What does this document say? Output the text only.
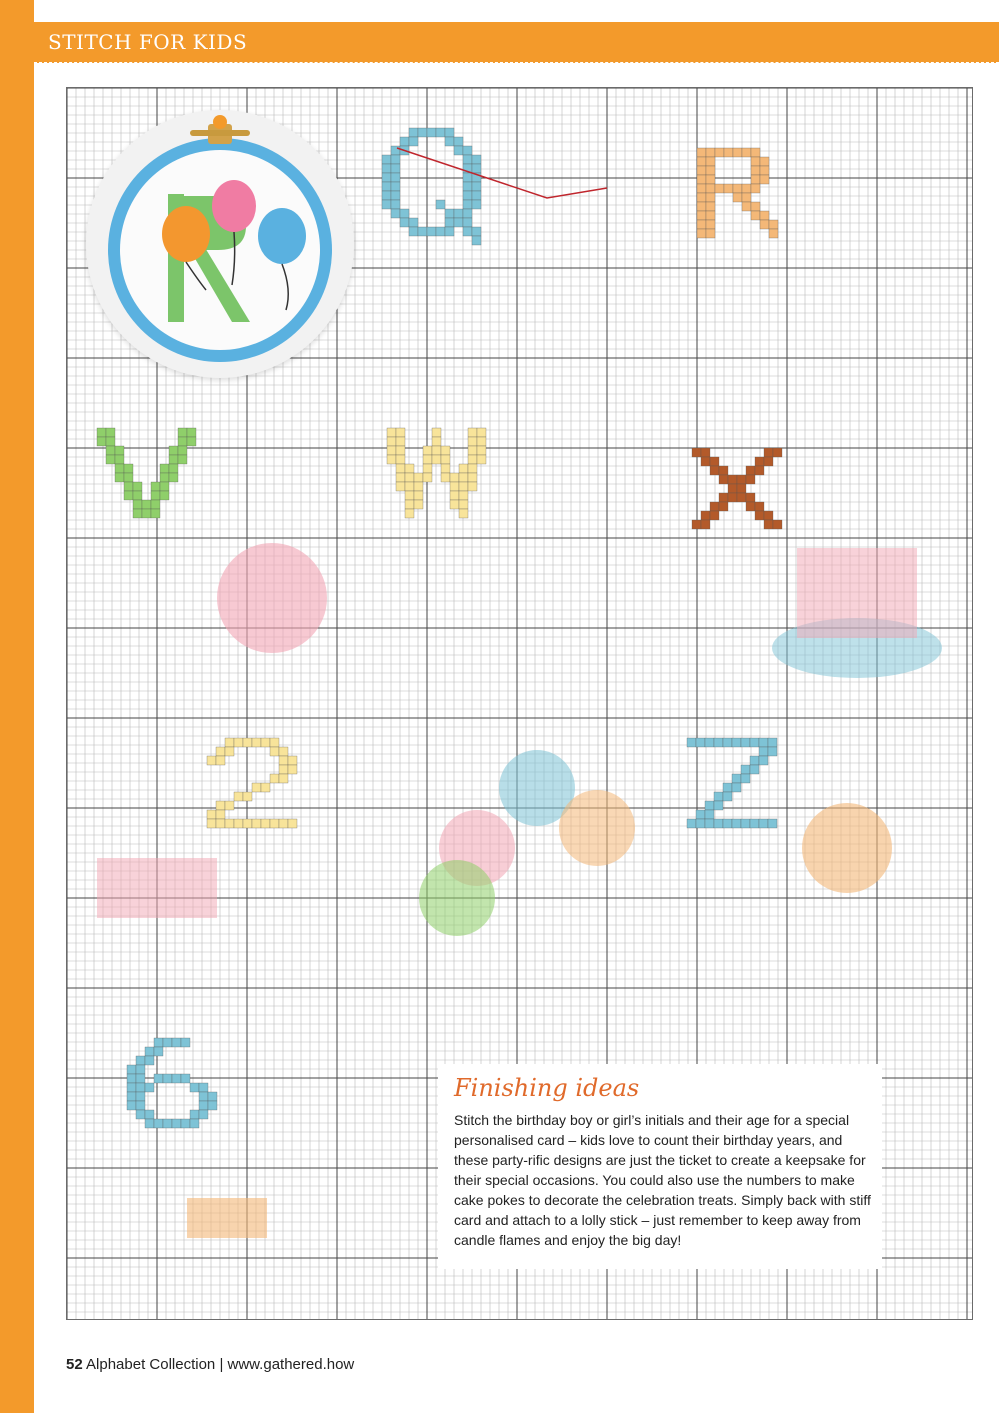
STITCH FOR KIDS
Finishing ideas
Stitch the birthday boy or girl’s initials and their age for a special personalised card – kids love to count their birthday years, and these party-rific designs are just the ticket to create a keepsake for their special occasions. You could also use the numbers to make cake pokes to decorate the celebration treats. Simply back with stiff card and attach to a lolly stick – just remember to keep away from candle flames and enjoy the big day!
52 Alphabet Collection | www.gathered.how
